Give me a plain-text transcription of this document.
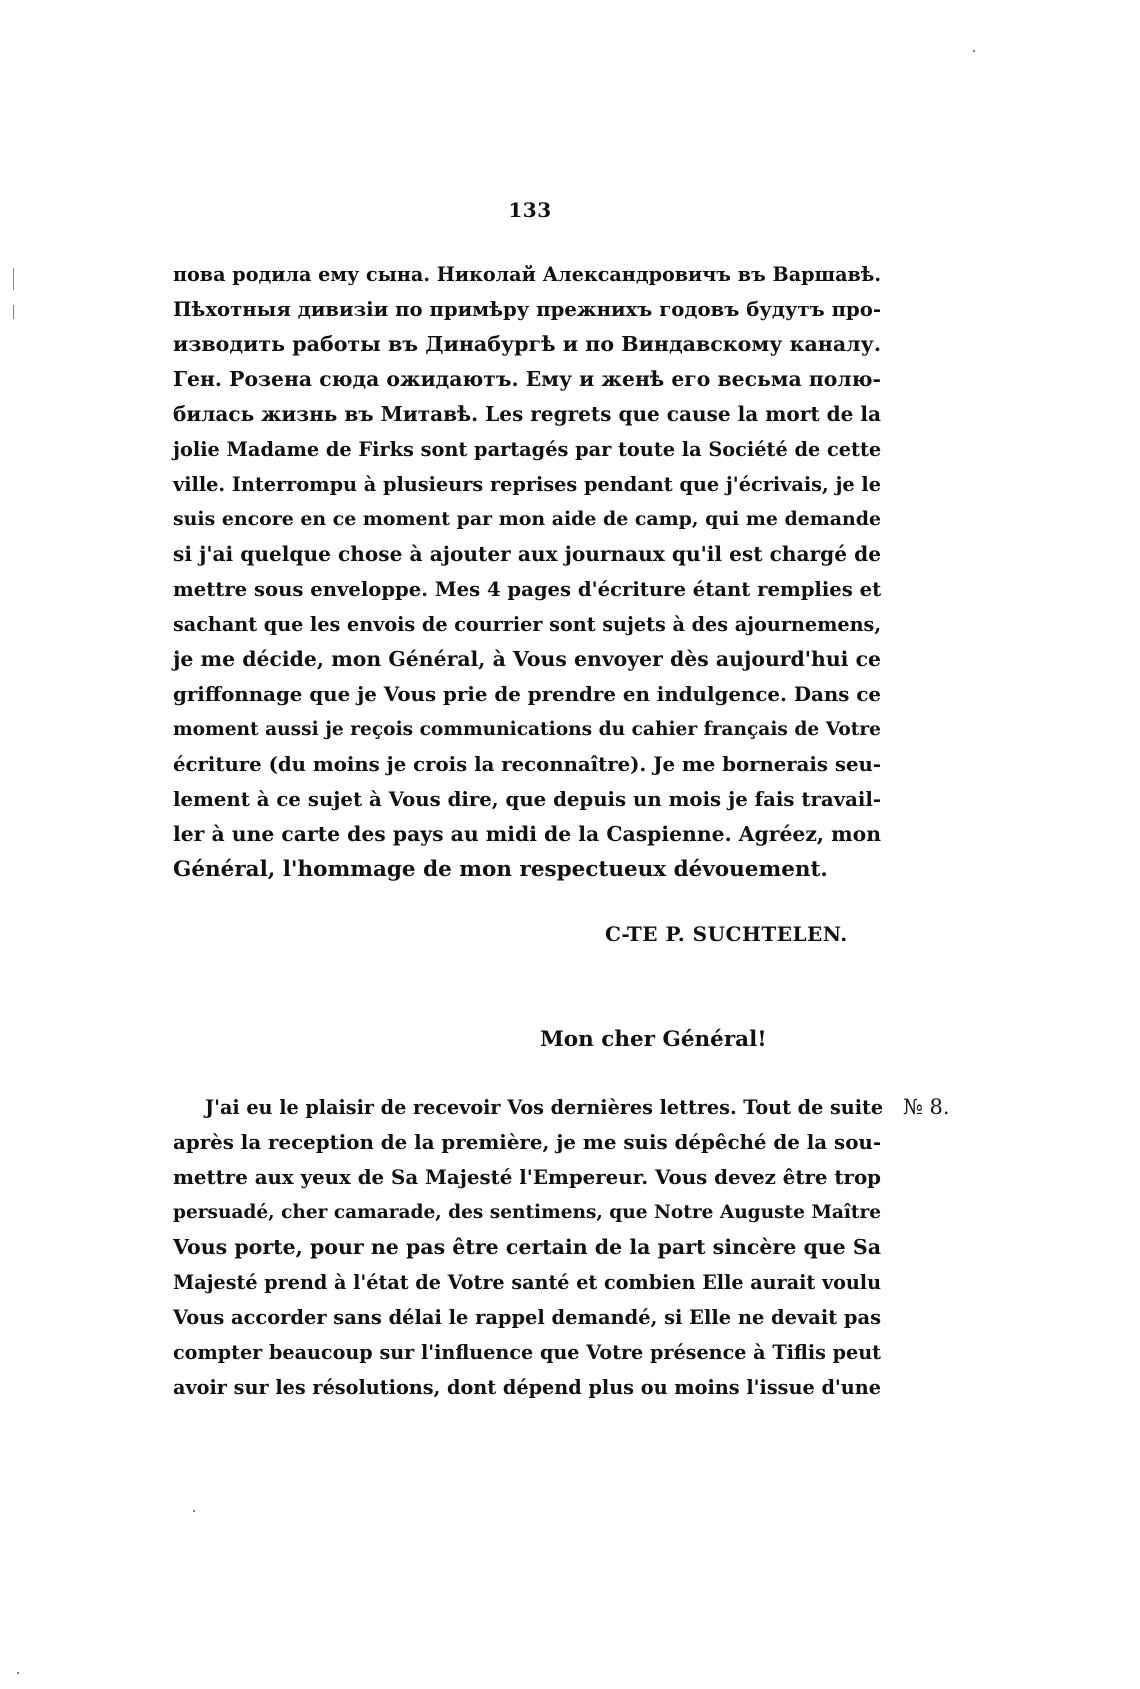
133
пова родила ему сына. Николай Александровичъ въ Варшавѣ.
Пѣхотныя дивизіи по примѣру прежнихъ годовъ будутъ про-
изводить работы въ Динабургѣ и по Виндавскому каналу.
Ген. Розена сюда ожидаютъ. Ему и женѣ его весьма полю-
билась жизнь въ Митавѣ. Les regrets que cause la mort de la
jolie Madame de Firks sont partagés par toute la Société de cette
ville. Interrompu à plusieurs reprises pendant que j'écrivais, je le
suis encore en ce moment par mon aide de camp, qui me demande
si j'ai quelque chose à ajouter aux journaux qu'il est chargé de
mettre sous enveloppe. Mes 4 pages d'écriture étant remplies et
sachant que les envois de courrier sont sujets à des ajournemens,
je me décide, mon Général, à Vous envoyer dès aujourd'hui ce
griffonnage que je Vous prie de prendre en indulgence. Dans ce
moment aussi je reçois communications du cahier français de Votre
écriture (du moins je crois la reconnaître). Je me bornerais seu-
lement à ce sujet à Vous dire, que depuis un mois je fais travail-
ler à une carte des pays au midi de la Caspienne. Agréez, mon
Général, l'hommage de mon respectueux dévouement.
C-TE P. SUCHTELEN.
Mon cher Général!
№ 8.
J'ai eu le plaisir de recevoir Vos dernières lettres. Tout de suite
après la reception de la première, je me suis dépêché de la sou-
mettre aux yeux de Sa Majesté l'Empereur. Vous devez être trop
persuadé, cher camarade, des sentimens, que Notre Auguste Maître
Vous porte, pour ne pas être certain de la part sincère que Sa
Majesté prend à l'état de Votre santé et combien Elle aurait voulu
Vous accorder sans délai le rappel demandé, si Elle ne devait pas
compter beaucoup sur l'influence que Votre présence à Tiflis peut
avoir sur les résolutions, dont dépend plus ou moins l'issue d'une
